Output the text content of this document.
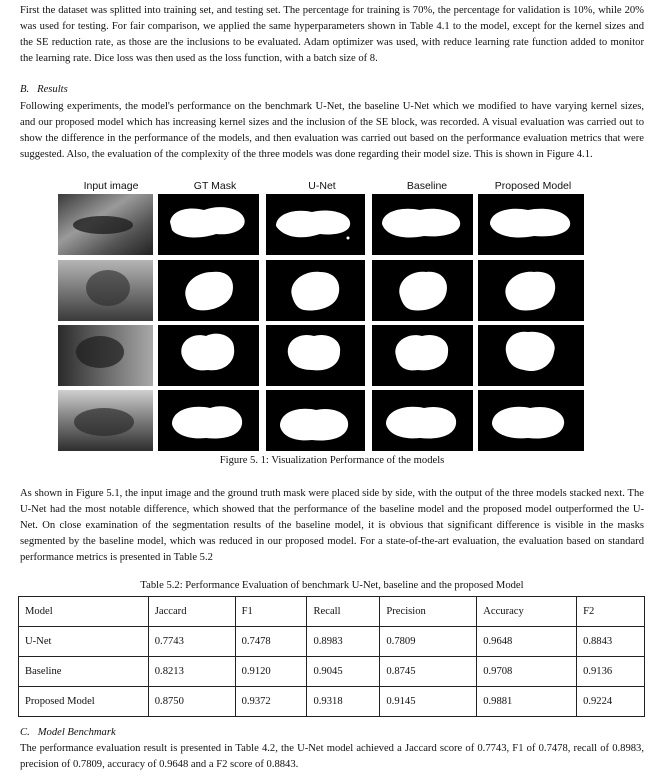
First the dataset was splitted into training set, and testing set. The percentage for training is 70%, the percentage for validation is 10%, while 20% was used for testing. For fair comparison, we applied the same hyperparameters shown in Table 4.1 to the model, except for the kernel sizes and the SE reduction rate, as those are the inclusions to be evaluated. Adam optimizer was used, with reduce learning rate function added to monitor the learning rate. Dice loss was then used as the loss function, with a batch size of 8.

B. Results

Following experiments, the model's performance on the benchmark U-Net, the baseline U-Net which we modified to have varying kernel sizes, and our proposed model which has increasing kernel sizes and the inclusion of the SE block, was recorded. A visual evaluation was carried out to show the difference in the performance of the models, and then evaluation was carried out based on the performance evaluation metrics that were suggested. Also, the evaluation of the complexity of the three models was done regarding their model size. This is shown in Figure 4.1.

Input image	GT Mask	U-Net	Baseline	Proposed Model
Figure 5. 1: Visualization Performance of the models

As shown in Figure 5.1, the input image and the ground truth mask were placed side by side, with the output of the three models stacked next. The U-Net had the most notable difference, which showed that the performance of the baseline model and the proposed model outperformed the U-Net. On close examination of the segmentation results of the baseline model, it is obvious that significant difference is visible in the masks segmented by the baseline model, which was reduced in our proposed model. For a state-of-the-art evaluation, the evaluation based on standard performance metrics is presented in Table 5.2

Table 5.2: Performance Evaluation of benchmark U-Net, baseline and the proposed Model
Model	Jaccard	F1	Recall	Precision	Accuracy	F2
U-Net	0.7743	0.7478	0.8983	0.7809	0.9648	0.8843
Baseline	0.8213	0.9120	0.9045	0.8745	0.9708	0.9136
Proposed Model	0.8750	0.9372	0.9318	0.9145	0.9881	0.9224

C. Model Benchmark

The performance evaluation result is presented in Table 4.2, the U-Net model achieved a Jaccard score of 0.7743, F1 of 0.7478, recall of 0.8983, precision of 0.7809, accuracy of 0.9648 and a F2 score of 0.8843.
